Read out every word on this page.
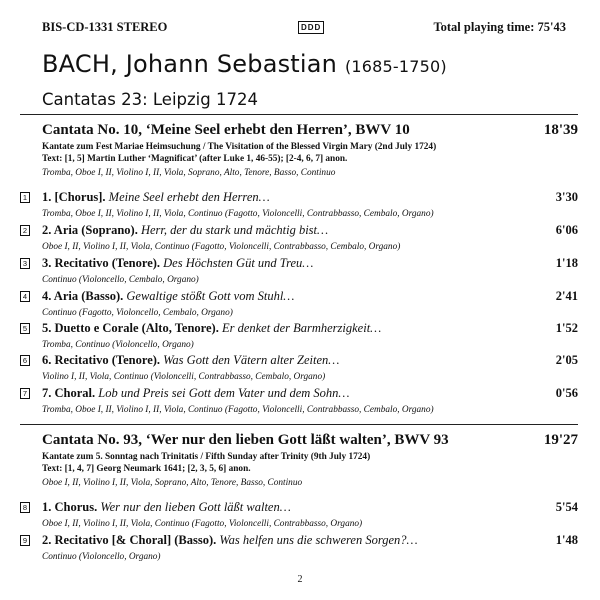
BIS-CD-1331 STEREO	DDD	Total playing time: 75'43
BACH, Johann Sebastian (1685-1750)
Cantatas 23: Leipzig 1724
Cantata No. 10, ‘Meine Seel erhebt den Herren’, BWV 10	18'39
Kantate zum Fest Mariae Heimsuchung / The Visitation of the Blessed Virgin Mary (2nd July 1724)
Text: [1, 5] Martin Luther ‘Magnificat’ (after Luke 1, 46-55); [2-4, 6, 7] anon.
Tromba, Oboe I, II, Violino I, II, Viola, Soprano, Alto, Tenore, Basso, Continuo
1 1. [Chorus]. Meine Seel erhebt den Herren…	3'30
Tromba, Oboe I, II, Violino I, II, Viola, Continuo (Fagotto, Violoncelli, Contrabbasso, Cembalo, Organo)
2 2. Aria (Soprano). Herr, der du stark und mächtig bist…	6'06
Oboe I, II, Violino I, II, Viola, Continuo (Fagotto, Violoncelli, Contrabbasso, Cembalo, Organo)
3 3. Recitativo (Tenore). Des Höchsten Güt und Treu…	1'18
Continuo (Violoncello, Cembalo, Organo)
4 4. Aria (Basso). Gewaltige stößt Gott vom Stuhl…	2'41
Continuo (Fagotto, Violoncello, Cembalo, Organo)
5 5. Duetto e Corale (Alto, Tenore). Er denket der Barmherzigkeit…	1'52
Tromba, Continuo (Violoncello, Organo)
6 6. Recitativo (Tenore). Was Gott den Vätern alter Zeiten…	2'05
Violino I, II, Viola, Continuo (Violoncelli, Contrabbasso, Cembalo, Organo)
7 7. Choral. Lob und Preis sei Gott dem Vater und dem Sohn…	0'56
Tromba, Oboe I, II, Violino I, II, Viola, Continuo (Fagotto, Violoncelli, Contrabbasso, Cembalo, Organo)
Cantata No. 93, ‘Wer nur den lieben Gott läßt walten’, BWV 93	19'27
Kantate zum 5. Sonntag nach Trinitatis / Fifth Sunday after Trinity (9th July 1724)
Text: [1, 4, 7] Georg Neumark 1641; [2, 3, 5, 6] anon.
Oboe I, II, Violino I, II, Viola, Soprano, Alto, Tenore, Basso, Continuo
8 1. Chorus. Wer nur den lieben Gott läßt walten…	5'54
Oboe I, II, Violino I, II, Viola, Continuo (Fagotto, Violoncelli, Contrabbasso, Organo)
9 2. Recitativo [& Choral] (Basso). Was helfen uns die schweren Sorgen?…	1'48
Continuo (Violoncello, Organo)
2
